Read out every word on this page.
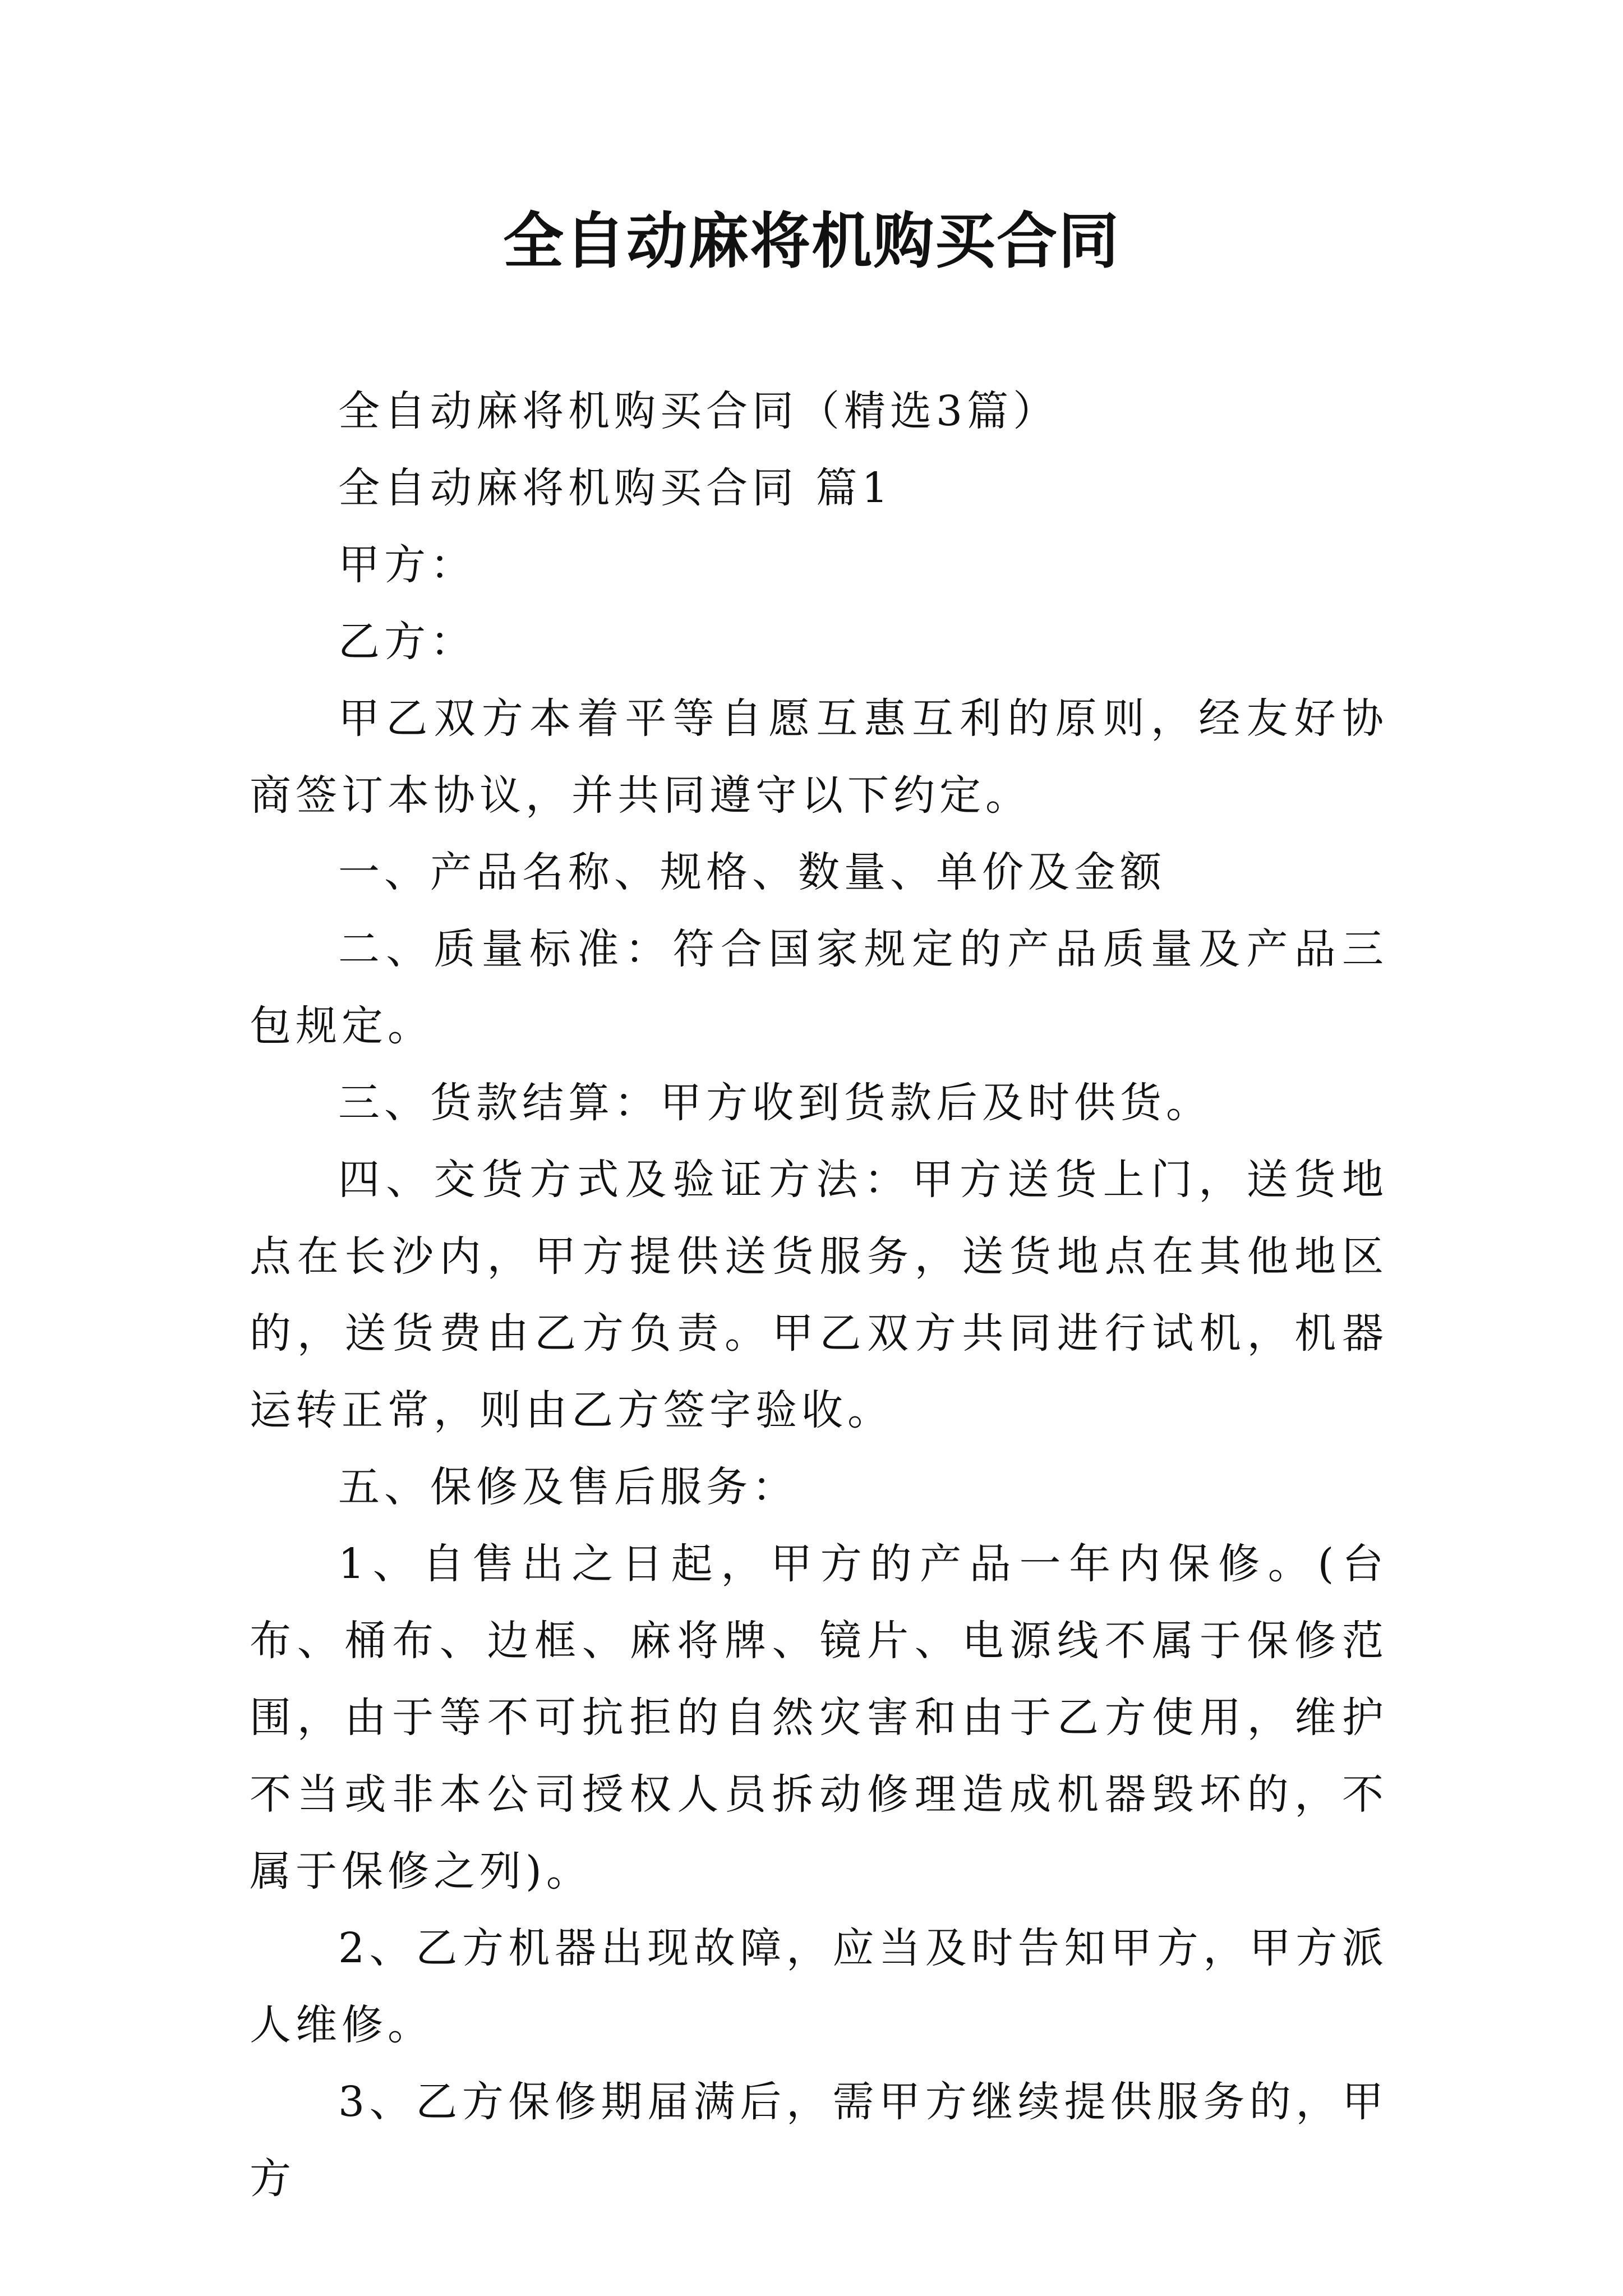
全自动麻将机购买合同

全自动麻将机购买合同（精选3篇）

全自动麻将机购买合同 篇1

甲方：

乙方：

甲乙双方本着平等自愿互惠互利的原则，经友好协商签订本协议，并共同遵守以下约定。

一、产品名称、规格、数量、单价及金额

二、质量标准：符合国家规定的产品质量及产品三包规定。

三、货款结算：甲方收到货款后及时供货。

四、交货方式及验证方法：甲方送货上门，送货地点在长沙内，甲方提供送货服务，送货地点在其他地区的，送货费由乙方负责。甲乙双方共同进行试机，机器运转正常，则由乙方签字验收。

五、保修及售后服务：

1、自售出之日起，甲方的产品一年内保修。(台布、桶布、边框、麻将牌、镜片、电源线不属于保修范围，由于等不可抗拒的自然灾害和由于乙方使用，维护不当或非本公司授权人员拆动修理造成机器毁坏的，不属于保修之列)。

2、乙方机器出现故障，应当及时告知甲方，甲方派人维修。

3、乙方保修期届满后，需甲方继续提供服务的，甲方
